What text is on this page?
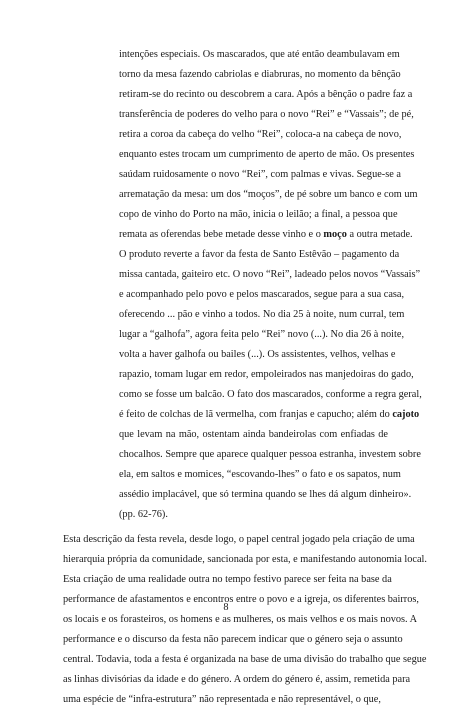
intenções especiais. Os mascarados, que até então deambulavam em
torno da mesa fazendo cabriolas e diabruras, no momento da bênção
retiram-se do recinto ou descobrem a cara. Após a bênção o padre faz a
transferência de poderes do velho para o novo “Rei” e “Vassais”; de pé,
retira a coroa da cabeça do velho “Rei”, coloca-a na cabeça de novo,
enquanto estes trocam um cumprimento de aperto de mão. Os presentes
saúdam ruidosamente o novo “Rei”, com palmas e vivas. Segue-se a
arrematação da mesa: um dos “moços”, de pé sobre um banco e com um
copo de vinho do Porto na mão, inicia o leilão; a final, a pessoa que
remata as oferendas bebe metade desse vinho e o moço a outra metade.
O produto reverte a favor da festa de Santo Estêvão – pagamento da
missa cantada, gaiteiro etc. O novo “Rei”, ladeado pelos novos “Vassais”
e acompanhado pelo povo e pelos mascarados, segue para a sua casa,
oferecendo ... pão e vinho a todos. No dia 25 à noite, num curral, tem
lugar a “galhofa”, agora feita pelo “Rei” novo (...). No dia 26 à noite,
volta a haver galhofa ou bailes (...). Os assistentes, velhos, velhas e
rapazio, tomam lugar em redor, empoleirados nas manjedoiras do gado,
como se fosse um balcão. O fato dos mascarados, conforme a regra geral,
é feito de colchas de lã vermelha, com franjas e capucho; além do cajoto
que levam na mão, ostentam ainda bandeirolas com enfiadas de
chocalhos. Sempre que aparece qualquer pessoa estranha, investem sobre
ela, em saltos e momices, “escovando-lhes” o fato e os sapatos, num
assédio implacável, que só termina quando se lhes dá algum dinheiro».
(pp. 62-76).
Esta descrição da festa revela, desde logo, o papel central jogado pela criação de uma
hierarquia própria da comunidade, sancionada por esta, e manifestando autonomia local.
Esta criação de uma realidade outra no tempo festivo parece ser feita na base da
performance de afastamentos e encontros entre o povo e a igreja, os diferentes bairros,
os locais e os forasteiros, os homens e as mulheres, os mais velhos e os mais novos. A
performance e o discurso da festa não parecem indicar que o género seja o assunto
central. Todavia, toda a festa é organizada na base de uma divisão do trabalho que segue
as linhas divisórias da idade e do género. A ordem do género é, assim, remetida para
uma espécie de “infra-estrutura” não representada e não representável, o que,
8
